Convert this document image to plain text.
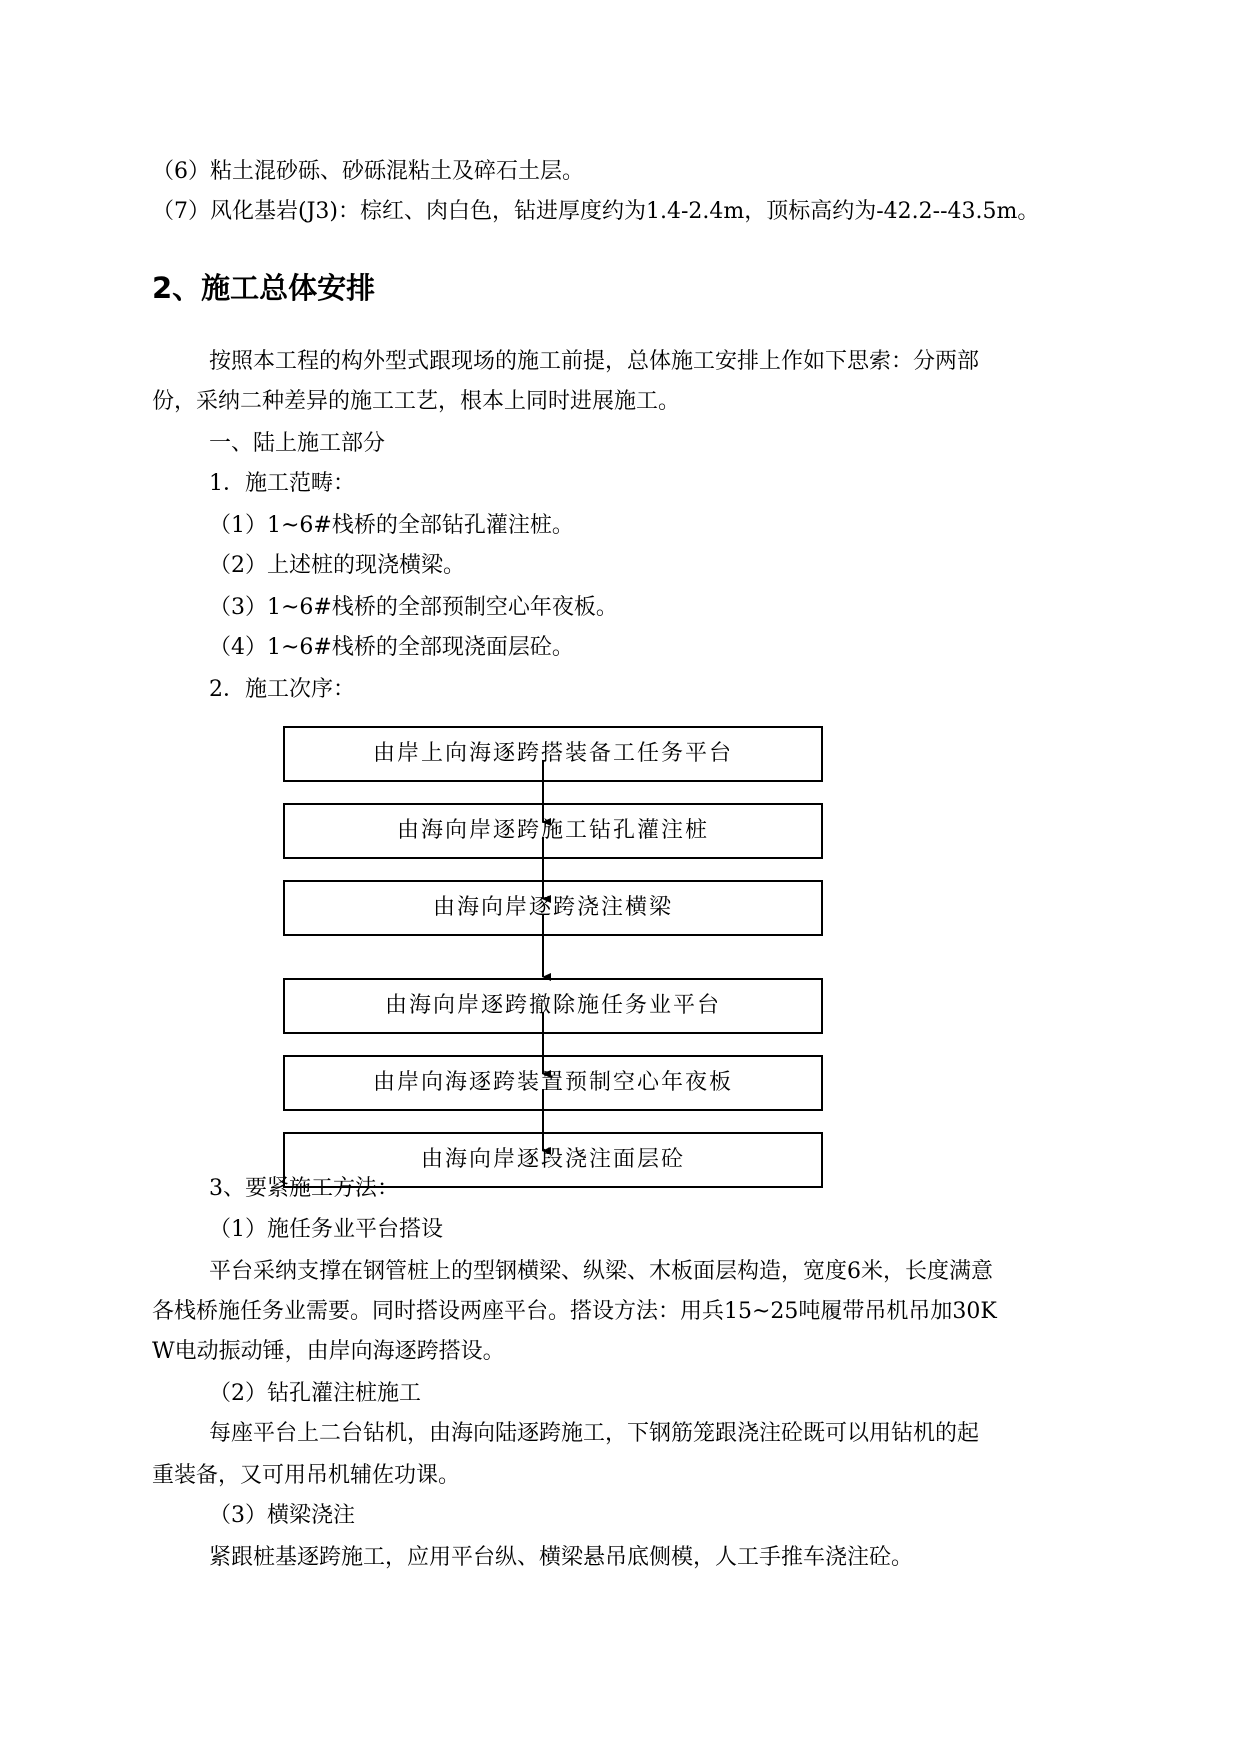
（6）粘土混砂砾、砂砾混粘土及碎石土层。
（7）风化基岩(J3)：棕红、肉白色，钻进厚度约为1.4-2.4m，顶标高约为-42.2--43.5m。
2、施工总体安排
按照本工程的构外型式跟现场的施工前提，总体施工安排上作如下思索：分两部
份，采纳二种差异的施工工艺，根本上同时进展施工。
一、陆上施工部分
1．施工范畴：
（1）1~6#栈桥的全部钻孔灌注桩。
（2）上述桩的现浇横梁。
（3）1~6#栈桥的全部预制空心年夜板。
（4）1~6#栈桥的全部现浇面层砼。
2．施工次序：
由岸上向海逐跨搭装备工任务平台
由海向岸逐跨施工钻孔灌注桩
由海向岸逐跨浇注横梁
由海向岸逐跨撤除施任务业平台
由岸向海逐跨装置预制空心年夜板
由海向岸逐段浇注面层砼
3、要紧施工方法：
（1）施任务业平台搭设
平台采纳支撑在钢管桩上的型钢横梁、纵梁、木板面层构造，宽度6米，长度满意
各栈桥施任务业需要。同时搭设两座平台。搭设方法：用兵15~25吨履带吊机吊加30K
W电动振动锤，由岸向海逐跨搭设。
（2）钻孔灌注桩施工
每座平台上二台钻机，由海向陆逐跨施工，下钢筋笼跟浇注砼既可以用钻机的起
重装备，又可用吊机辅佐功课。
（3）横梁浇注
紧跟桩基逐跨施工，应用平台纵、横梁悬吊底侧模，人工手推车浇注砼。
